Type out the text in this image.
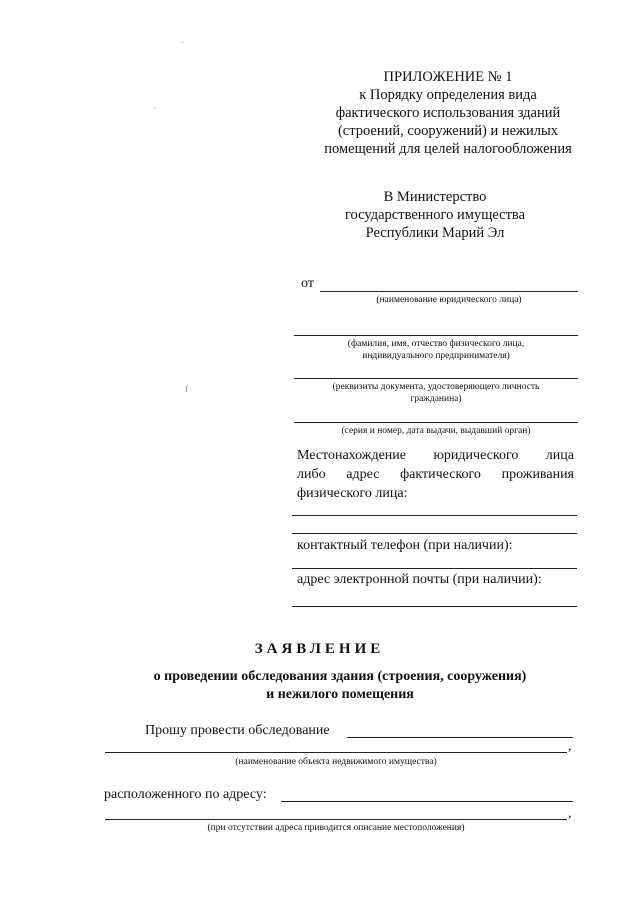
ПРИЛОЖЕНИЕ № 1
к Порядку определения вида
фактического использования зданий
(строений, сооружений) и нежилых
помещений для целей налогообложения
В Министерство
государственного имущества
Республики Марий Эл
от
(наименование юридического лица)
(фамилия, имя, отчество физического лица,
индивидуального предпринимателя)
(реквизиты документа, удостоверяющего личность
гражданина)
(серия и номер, дата выдачи, выдавший орган)
Местонахождение юридического лица
либо адрес фактического проживания
физического лица:
контактный телефон (при наличии):
адрес электронной почты (при наличии):
ЗАЯВЛЕНИЕ
о проведении обследования здания (строения, сооружения)
и нежилого помещения
Прошу провести обследование
,
(наименование объекта недвижимого имущества)
расположенного по адресу:
,
(при отсутствии адреса приводится описание местоположения)
